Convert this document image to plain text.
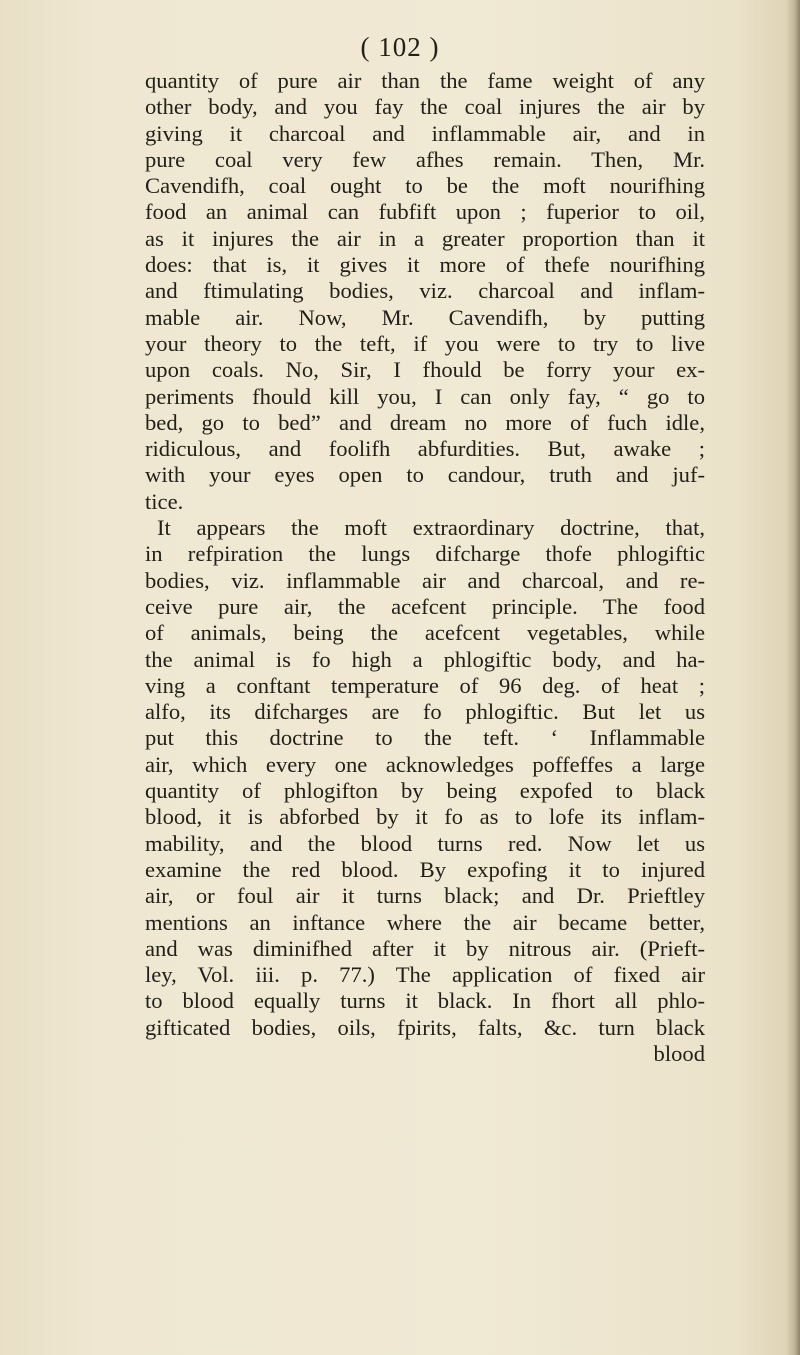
( 102 )
quantity of pure air than the fame weight of any
other body, and you fay the coal injures the air by
giving it charcoal and inflammable air, and in
pure coal very few afhes remain. Then, Mr.
Cavendifh, coal ought to be the moft nourifhing
food an animal can fubfift upon ; fuperior to oil,
as it injures the air in a greater proportion than it
does: that is, it gives it more of thefe nourifhing
and ftimulating bodies, viz. charcoal and inflam-
mable air. Now, Mr. Cavendifh, by putting
your theory to the teft, if you were to try to live
upon coals. No, Sir, I fhould be forry your ex-
periments fhould kill you, I can only fay, “ go to
bed, go to bed” and dream no more of fuch idle,
ridiculous, and foolifh abfurdities. But, awake ;
with your eyes open to candour, truth and juf-
tice.
It appears the moft extraordinary doctrine, that,
in refpiration the lungs difcharge thofe phlogiftic
bodies, viz. inflammable air and charcoal, and re-
ceive pure air, the acefcent principle. The food
of animals, being the acefcent vegetables, while
the animal is fo high a phlogiftic body, and ha-
ving a conftant temperature of 96 deg. of heat ;
alfo, its difcharges are fo phlogiftic. But let us
put this doctrine to the teft. ‘ Inflammable
air, which every one acknowledges poffeffes a large
quantity of phlogifton by being expofed to black
blood, it is abforbed by it fo as to lofe its inflam-
mability, and the blood turns red. Now let us
examine the red blood. By expofing it to injured
air, or foul air it turns black; and Dr. Prieftley
mentions an inftance where the air became better,
and was diminifhed after it by nitrous air. (Prieft-
ley, Vol. iii. p. 77.) The application of fixed air
to blood equally turns it black. In fhort all phlo-
gifticated bodies, oils, fpirits, falts, &c. turn black
blood
